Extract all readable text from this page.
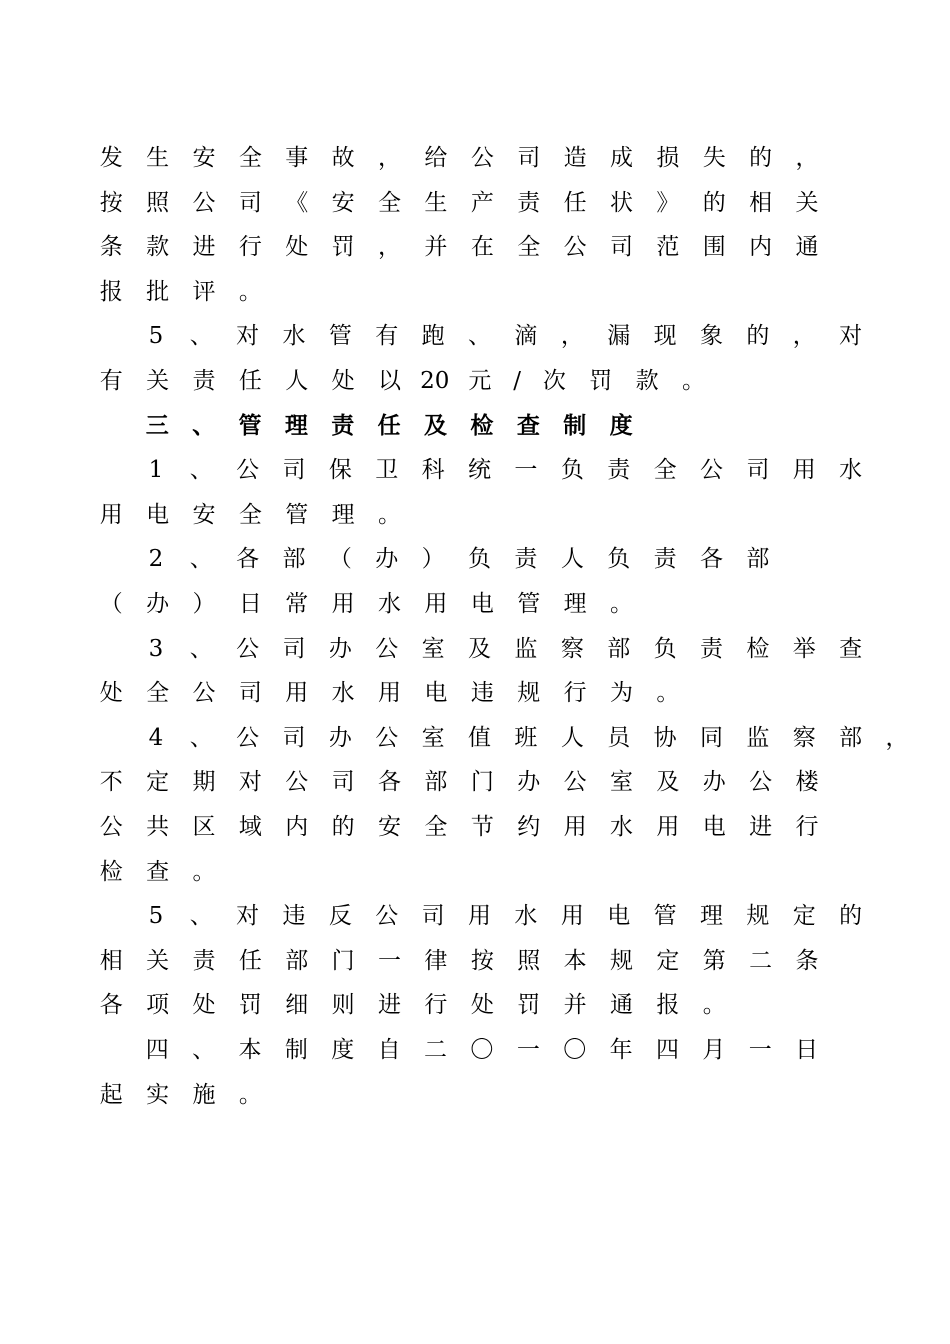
发	生	安	全	事	故	，	给	公	司	造	成	损	失	的	，
按	照	公	司	《	安	全	生	产	责	任	状	》	的	相	关
条	款	进	行	处	罚	，	并	在	全	公	司	范	围	内	通
报	批	评	。
5	、	对	水	管	有	跑	、	滴	，	漏	现	象	的	，	对
有	关	责	任	人	处	以 20 元 / 次	罚	款	。
三	、	管	理	责	任	及	检	查	制	度
1	、	公	司	保	卫	科	统	一	负	责	全	公	司	用	水
用	电	安	全	管	理	。
2	、	各	部	（	办	）	负	责	人	负	责	各	部
（	办	）	日	常	用	水	用	电	管	理	。
3	、	公	司	办	公	室	及	监	察	部	负	责	检	举	查
处	全	公	司	用	水	用	电	违	规	行	为	。
4	、	公	司	办	公	室	值	班	人	员	协	同	监	察	部	，
不	定	期	对	公	司	各	部	门	办	公	室	及	办	公	楼
公	共	区	域	内	的	安	全	节	约	用	水	用	电	进	行
检	查	。
5	、	对	违	反	公	司	用	水	用	电	管	理	规	定	的
相	关	责	任	部	门	一	律	按	照	本	规	定	第	二	条
各	项	处	罚	细	则	进	行	处	罚	并	通	报	。
四	、	本	制	度	自	二	〇	一	〇	年	四	月	一	日
起	实	施	。
